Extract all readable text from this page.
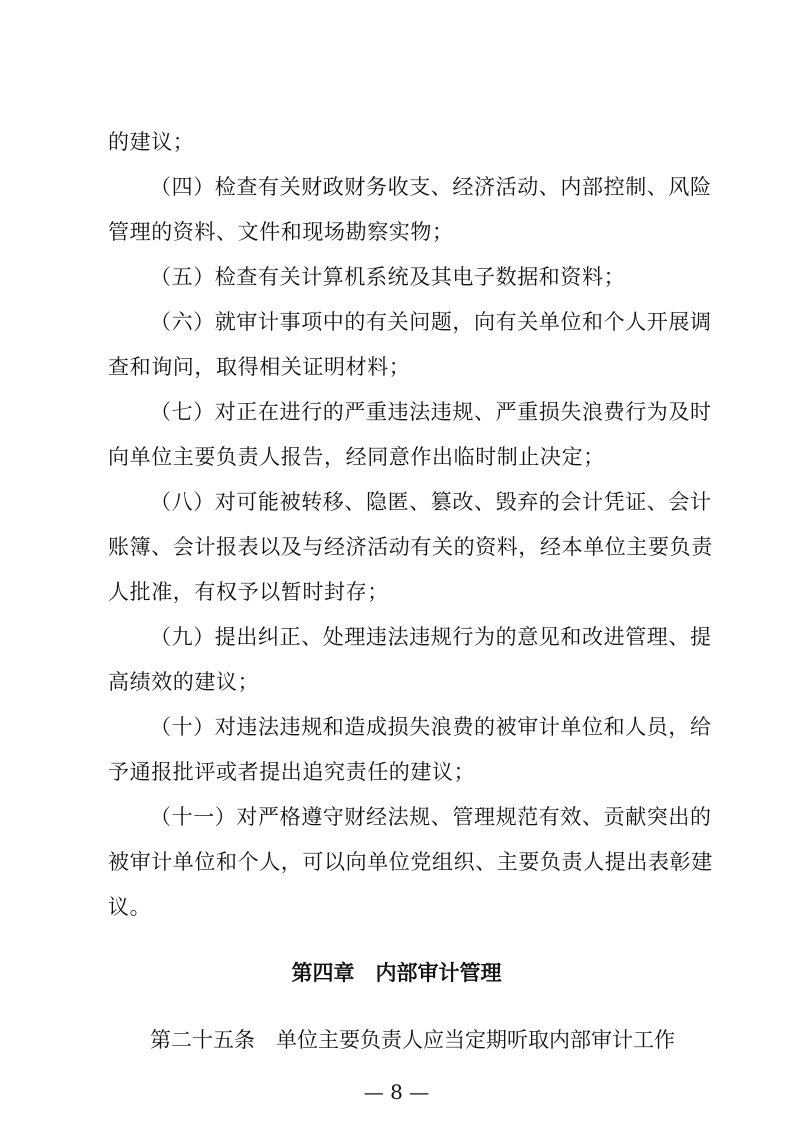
的建议；
（四）检查有关财政财务收支、经济活动、内部控制、风险
管理的资料、文件和现场勘察实物；
（五）检查有关计算机系统及其电子数据和资料；
（六）就审计事项中的有关问题，向有关单位和个人开展调
查和询问，取得相关证明材料；
（七）对正在进行的严重违法违规、严重损失浪费行为及时
向单位主要负责人报告，经同意作出临时制止决定；
（八）对可能被转移、隐匿、篡改、毁弃的会计凭证、会计
账簿、会计报表以及与经济活动有关的资料，经本单位主要负责
人批准，有权予以暂时封存；
（九）提出纠正、处理违法违规行为的意见和改进管理、提
高绩效的建议；
（十）对违法违规和造成损失浪费的被审计单位和人员，给
予通报批评或者提出追究责任的建议；
（十一）对严格遵守财经法规、管理规范有效、贡献突出的
被审计单位和个人，可以向单位党组织、主要负责人提出表彰建
议。
第四章　内部审计管理
第二十五条　单位主要负责人应当定期听取内部审计工作
— 8 —
